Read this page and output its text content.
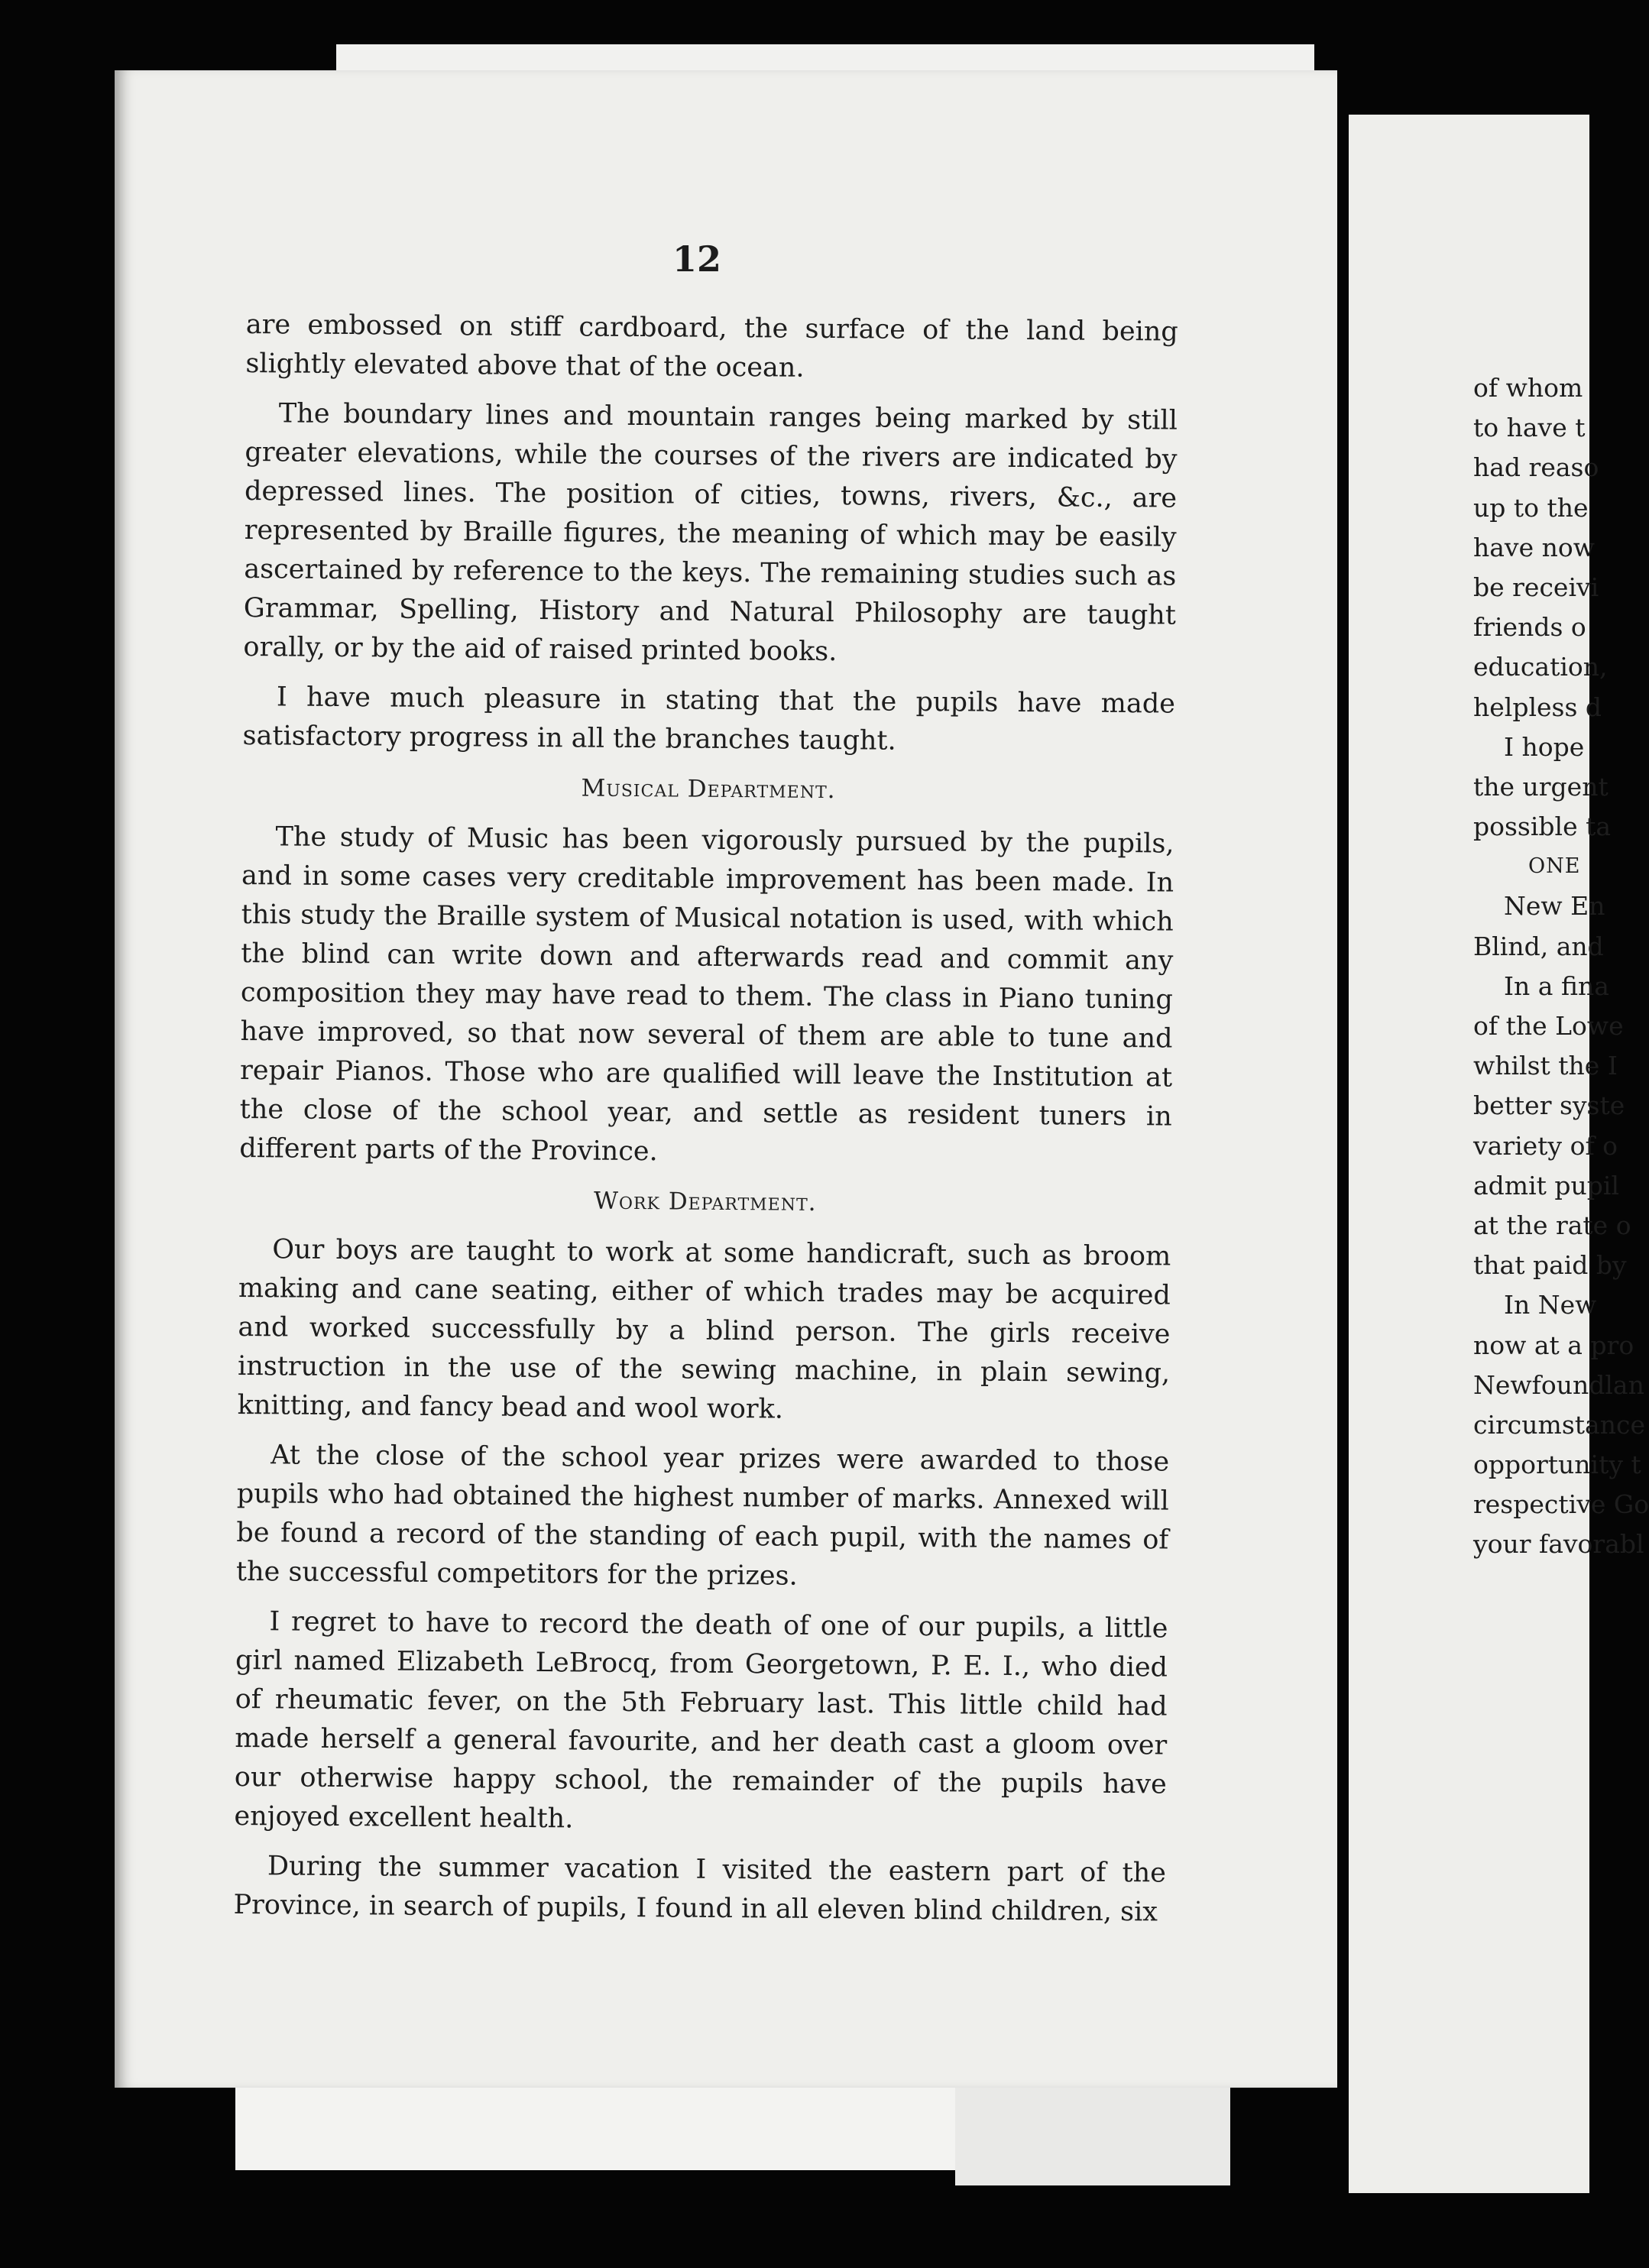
12

are embossed on stiff cardboard, the surface of the land being slightly elevated above that of the ocean.

The boundary lines and mountain ranges being marked by still greater elevations, while the courses of the rivers are indicated by depressed lines. The position of cities, towns, rivers, &c., are represented by Braille figures, the meaning of which may be easily ascertained by reference to the keys. The remaining studies such as Grammar, Spelling, History and Natural Philosophy are taught orally, or by the aid of raised printed books.

I have much pleasure in stating that the pupils have made satisfactory progress in all the branches taught.

Musical Department.

The study of Music has been vigorously pursued by the pupils, and in some cases very creditable improvement has been made. In this study the Braille system of Musical notation is used, with which the blind can write down and afterwards read and commit any composition they may have read to them. The class in Piano tuning have improved, so that now several of them are able to tune and repair Pianos. Those who are qualified will leave the Institution at the close of the school year, and settle as resident tuners in different parts of the Province.

Work Department.

Our boys are taught to work at some handicraft, such as broom making and cane seating, either of which trades may be acquired and worked successfully by a blind person. The girls receive instruction in the use of the sewing machine, in plain sewing, knitting, and fancy bead and wool work.

At the close of the school year prizes were awarded to those pupils who had obtained the highest number of marks. Annexed will be found a record of the standing of each pupil, with the names of the successful competitors for the prizes.

I regret to have to record the death of one of our pupils, a little girl named Elizabeth LeBrocq, from Georgetown, P. E. I., who died of rheumatic fever, on the 5th February last. This little child had made herself a general favourite, and her death cast a gloom over our otherwise happy school, the remainder of the pupils have enjoyed excellent health.

During the summer vacation I visited the eastern part of the Province, in search of pupils, I found in all eleven blind children, six

of whom
to have t
had reaso
up to the
have now
be receivi
friends o
education,
helpless d
I hope
the urgent
possible ta
ONE
New En
Blind, and
In a fina
of the Lowe
whilst the I
better syste
variety of o
admit pupil
at the rate o
that paid by
In New
now at a pro
Newfoundlan
circumstance
opportunity t
respective Go
your favorabl
